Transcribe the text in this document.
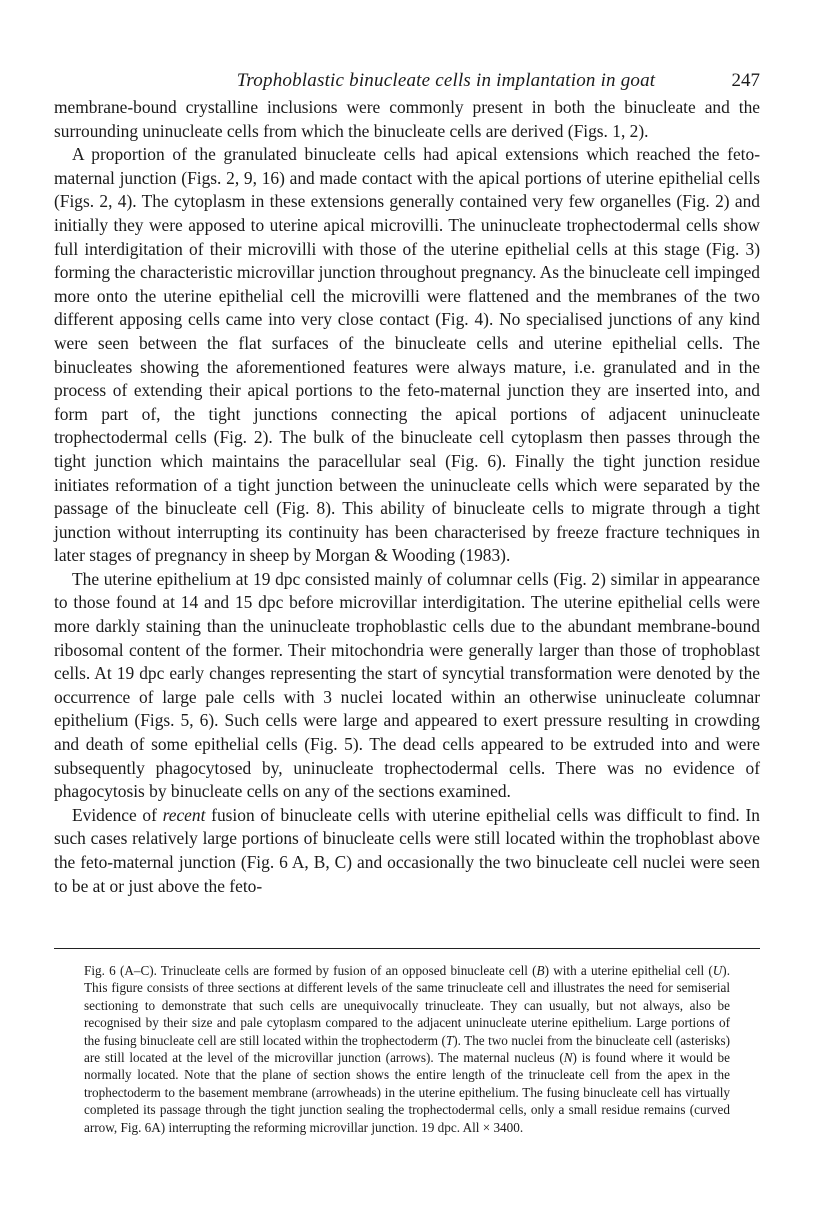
Trophoblastic binucleate cells in implantation in goat	247

membrane-bound crystalline inclusions were commonly present in both the binucleate and the surrounding uninucleate cells from which the binucleate cells are derived (Figs. 1, 2).

A proportion of the granulated binucleate cells had apical extensions which reached the feto-maternal junction (Figs. 2, 9, 16) and made contact with the apical portions of uterine epithelial cells (Figs. 2, 4). The cytoplasm in these extensions generally contained very few organelles (Fig. 2) and initially they were apposed to uterine apical microvilli. The uninucleate trophectodermal cells show full interdigitation of their microvilli with those of the uterine epithelial cells at this stage (Fig. 3) forming the characteristic microvillar junction throughout pregnancy. As the binucleate cell impinged more onto the uterine epithelial cell the microvilli were flattened and the membranes of the two different apposing cells came into very close contact (Fig. 4). No specialised junctions of any kind were seen between the flat surfaces of the binucleate cells and uterine epithelial cells. The binucleates showing the aforementioned features were always mature, i.e. granulated and in the process of extending their apical portions to the feto-maternal junction they are inserted into, and form part of, the tight junctions connecting the apical portions of adjacent uninucleate trophectodermal cells (Fig. 2). The bulk of the binucleate cell cytoplasm then passes through the tight junction which maintains the paracellular seal (Fig. 6). Finally the tight junction residue initiates reformation of a tight junction between the uninucleate cells which were separated by the passage of the binucleate cell (Fig. 8). This ability of binucleate cells to migrate through a tight junction without interrupting its continuity has been characterised by freeze fracture techniques in later stages of pregnancy in sheep by Morgan & Wooding (1983).

The uterine epithelium at 19 dpc consisted mainly of columnar cells (Fig. 2) similar in appearance to those found at 14 and 15 dpc before microvillar interdigitation. The uterine epithelial cells were more darkly staining than the uninucleate trophoblastic cells due to the abundant membrane-bound ribosomal content of the former. Their mitochondria were generally larger than those of trophoblast cells. At 19 dpc early changes representing the start of syncytial transformation were denoted by the occurrence of large pale cells with 3 nuclei located within an otherwise uninucleate columnar epithelium (Figs. 5, 6). Such cells were large and appeared to exert pressure resulting in crowding and death of some epithelial cells (Fig. 5). The dead cells appeared to be extruded into and were subsequently phagocytosed by, uninucleate trophectodermal cells. There was no evidence of phagocytosis by binucleate cells on any of the sections examined.

Evidence of recent fusion of binucleate cells with uterine epithelial cells was difficult to find. In such cases relatively large portions of binucleate cells were still located within the trophoblast above the feto-maternal junction (Fig. 6 A, B, C) and occasionally the two binucleate cell nuclei were seen to be at or just above the feto-

Fig. 6 (A–C). Trinucleate cells are formed by fusion of an opposed binucleate cell (B) with a uterine epithelial cell (U). This figure consists of three sections at different levels of the same trinucleate cell and illustrates the need for semiserial sectioning to demonstrate that such cells are unequivocally trinucleate. They can usually, but not always, also be recognised by their size and pale cytoplasm compared to the adjacent uninucleate uterine epithelium. Large portions of the fusing binucleate cell are still located within the trophectoderm (T). The two nuclei from the binucleate cell (asterisks) are still located at the level of the microvillar junction (arrows). The maternal nucleus (N) is found where it would be normally located. Note that the plane of section shows the entire length of the trinucleate cell from the apex in the trophectoderm to the basement membrane (arrowheads) in the uterine epithelium. The fusing binucleate cell has virtually completed its passage through the tight junction sealing the trophectodermal cells, only a small residue remains (curved arrow, Fig. 6A) interrupting the reforming microvillar junction. 19 dpc. All × 3400.
